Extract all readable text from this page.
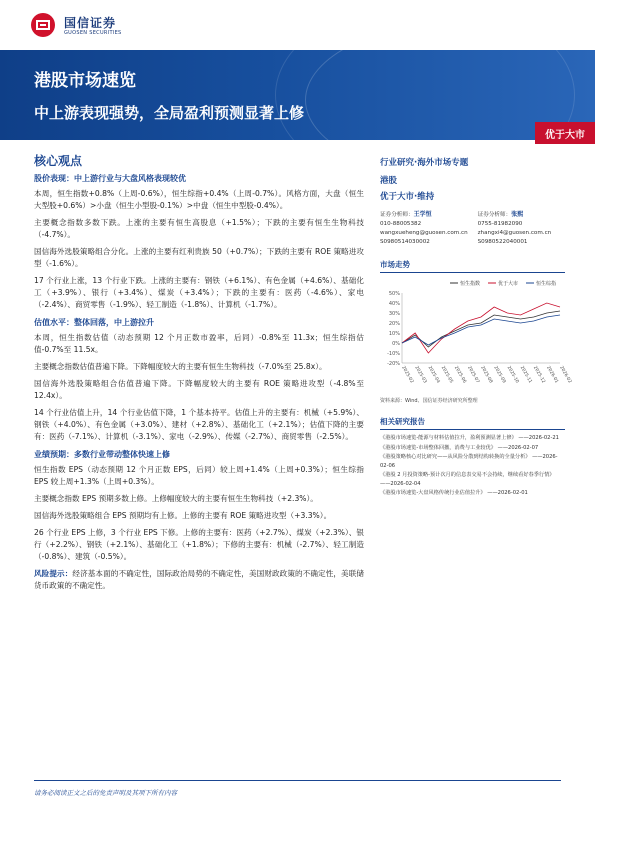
国信证券
GUOSEN SECURITIES
港股市场速览
中上游表现强势，全局盈利预测显著上修
优于大市
核心观点
股价表现：中上游行业与大盘风格表现较优

本周，恒生指数+0.8%（上周-0.6%），恒生综指+0.4%（上周-0.7%）。风格方面，大盘（恒生大型股+0.6%）>小盘（恒生小型股-0.1%）>中盘（恒生中型股-0.4%）。

主要概念指数多数下跌。上涨的主要有恒生高股息（+1.5%）；下跌的主要有恒生生物科技（-4.7%）。

国信海外选股策略组合分化。上涨的主要有红利贵族 50（+0.7%）；下跌的主要有 ROE 策略进攻型（-1.6%）。

17 个行业上涨，13 个行业下跌。上涨的主要有：钢铁（+6.1%）、有色金属（+4.6%）、基础化工（+3.9%）、银行（+3.4%）、煤炭（+3.4%）；下跌的主要有：医药（-4.6%）、家电（-2.4%）、商贸零售（-1.9%）、轻工制造（-1.8%）、计算机（-1.7%）。

估值水平：整体回落，中上游拉升

本周，恒生指数估值（动态预期 12 个月正数市盈率，后同）-0.8%至 11.3x；恒生综指估值-0.7%至 11.5x。

主要概念指数估值普遍下降。下降幅度较大的主要有恒生生物科技（-7.0%至 25.8x）。

国信海外选股策略组合估值普遍下降。下降幅度较大的主要有 ROE 策略进攻型（-4.8%至 12.4x）。

14 个行业估值上升，14 个行业估值下降，1 个基本持平。估值上升的主要有：机械（+5.9%）、钢铁（+4.0%）、有色金属（+3.0%）、建材（+2.8%）、基础化工（+2.1%）；估值下降的主要有：医药（-7.1%）、计算机（-3.1%）、家电（-2.9%）、传媒（-2.7%）、商贸零售（-2.5%）。

业绩预期：多数行业带动整体快速上修

恒生指数 EPS（动态预期 12 个月正数 EPS，后同）较上周+1.4%（上周+0.3%）；恒生综指 EPS 较上周+1.3%（上周+0.3%）。

主要概念指数 EPS 预期多数上修。上修幅度较大的主要有恒生生物科技（+2.3%）。

国信海外选股策略组合 EPS 预期均有上修。上修的主要有 ROE 策略进攻型（+3.3%）。

26 个行业 EPS 上修，3 个行业 EPS 下修。上修的主要有：医药（+2.7%）、煤炭（+2.3%）、银行（+2.2%）、钢铁（+2.1%）、基础化工（+1.8%）；下修的主要有：机械（-2.7%）、轻工制造（-0.8%）、建筑（-0.5%）。

风险提示：经济基本面的不确定性，国际政治局势的不确定性，美国财政政策的不确定性，美联储货币政策的不确定性。

行业研究·海外市场专题
港股
优于大市·维持
证券分析师：王学恒
010-88005382
wangxueheng@guosen.com.cn
S0980514030002
证券分析师：张熙
0755-81982090
zhangxi4@guosen.com.cn
S0980522040001
市场走势
-20%
-10%
0%
10%
20%
30%
40%
50%
2025-02 2025-03 2025-04 2025-05 2025-06 2025-07 2025-08 2025-09 2025-10 2025-11 2025-12 2026-01 2026-02
恒生指数	优于大市	恒生综指
资料来源：Wind、国信证券经济研究所整理
相关研究报告
《港股市场速览-能源与材料估值拉升，盈利预测显著上修》 ——2026-02-21
《港股市场速览-市场整体回撤，消费与工业较优》 ——2026-02-07
《港股策略核心对比研究——从风险分散到结构转换的全量分析》 ——2026-02-06
《港股 2 月投资策略-预计次月的信息表交易不会持续，继续看好春季行情》 ——2026-02-04
《港股市场速览-大盘风格传统行业估值拉升》 ——2026-02-01
请务必阅读正文之后的免责声明及其项下所有内容
